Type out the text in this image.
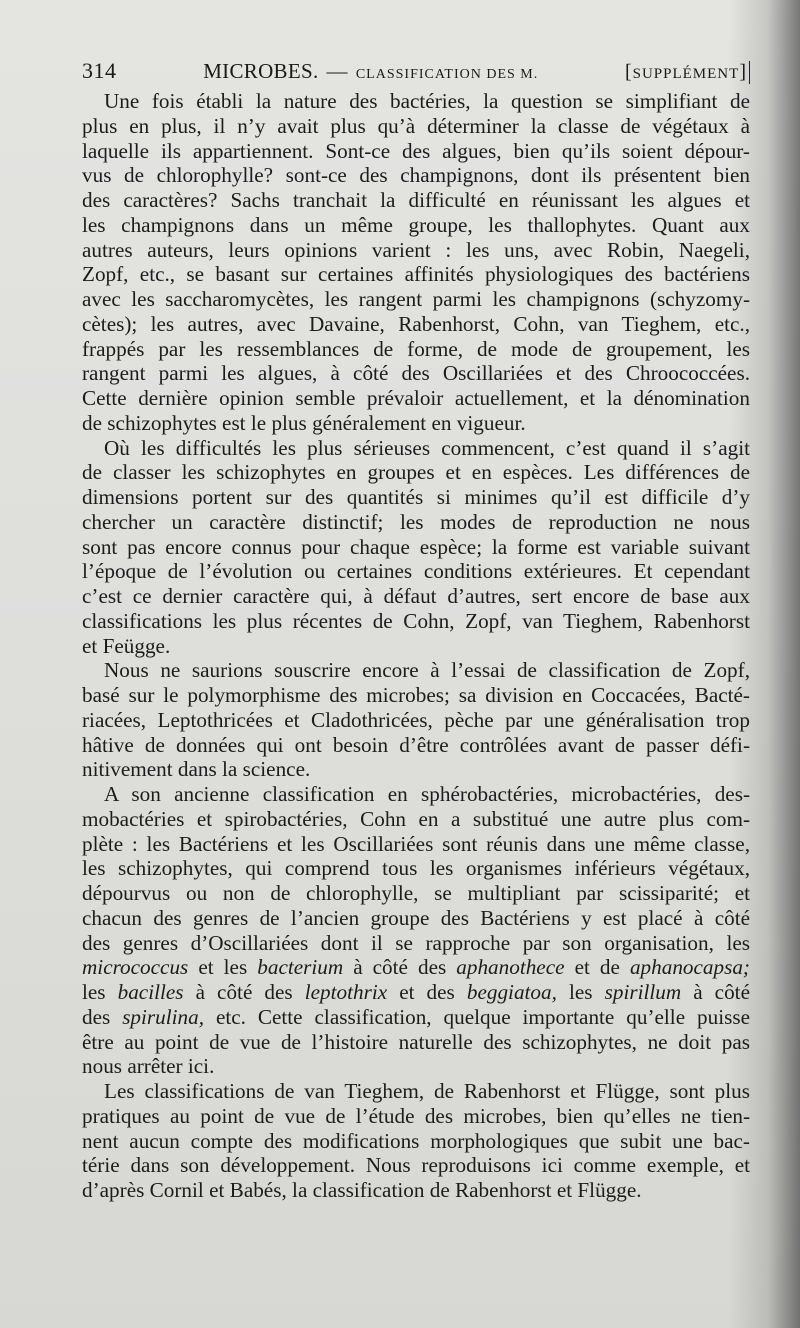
314	MICROBES. — CLASSIFICATION DES M.	[SUPPLÉMENT]

Une fois établi la nature des bactéries, la question se simplifiant de
plus en plus, il n’y avait plus qu’à déterminer la classe de végétaux à
laquelle ils appartiennent. Sont-ce des algues, bien qu’ils soient dépour-
vus de chlorophylle? sont-ce des champignons, dont ils présentent bien
des caractères? Sachs tranchait la difficulté en réunissant les algues et
les champignons dans un même groupe, les thallophytes. Quant aux
autres auteurs, leurs opinions varient : les uns, avec Robin, Naegeli,
Zopf, etc., se basant sur certaines affinités physiologiques des bactériens
avec les saccharomycètes, les rangent parmi les champignons (schyzomy-
cètes); les autres, avec Davaine, Rabenhorst, Cohn, van Tieghem, etc.,
frappés par les ressemblances de forme, de mode de groupement, les
rangent parmi les algues, à côté des Oscillariées et des Chroococcées.
Cette dernière opinion semble prévaloir actuellement, et la dénomination
de schizophytes est le plus généralement en vigueur.

Où les difficultés les plus sérieuses commencent, c’est quand il s’agit
de classer les schizophytes en groupes et en espèces. Les différences de
dimensions portent sur des quantités si minimes qu’il est difficile d’y
chercher un caractère distinctif; les modes de reproduction ne nous
sont pas encore connus pour chaque espèce; la forme est variable suivant
l’époque de l’évolution ou certaines conditions extérieures. Et cependant
c’est ce dernier caractère qui, à défaut d’autres, sert encore de base aux
classifications les plus récentes de Cohn, Zopf, van Tieghem, Rabenhorst
et Feügge.

Nous ne saurions souscrire encore à l’essai de classification de Zopf,
basé sur le polymorphisme des microbes; sa division en Coccacées, Bacté-
riacées, Leptothricées et Cladothricées, pèche par une généralisation trop
hâtive de données qui ont besoin d’être contrôlées avant de passer défi-
nitivement dans la science.

A son ancienne classification en sphérobactéries, microbactéries, des-
mobactéries et spirobactéries, Cohn en a substitué une autre plus com-
plète : les Bactériens et les Oscillariées sont réunis dans une même classe,
les schizophytes, qui comprend tous les organismes inférieurs végétaux,
dépourvus ou non de chlorophylle, se multipliant par scissiparité; et
chacun des genres de l’ancien groupe des Bactériens y est placé à côté
des genres d’Oscillariées dont il se rapproche par son organisation, les
micrococcus et les bacterium à côté des aphanothece et de aphanocapsa;
les bacilles à côté des leptothrix et des beggiatoa, les spirillum à côté
des spirulina, etc. Cette classification, quelque importante qu’elle puisse
être au point de vue de l’histoire naturelle des schizophytes, ne doit pas
nous arrêter ici.

Les classifications de van Tieghem, de Rabenhorst et Flügge, sont plus
pratiques au point de vue de l’étude des microbes, bien qu’elles ne tien-
nent aucun compte des modifications morphologiques que subit une bac-
térie dans son développement. Nous reproduisons ici comme exemple, et
d’après Cornil et Babés, la classification de Rabenhorst et Flügge.
